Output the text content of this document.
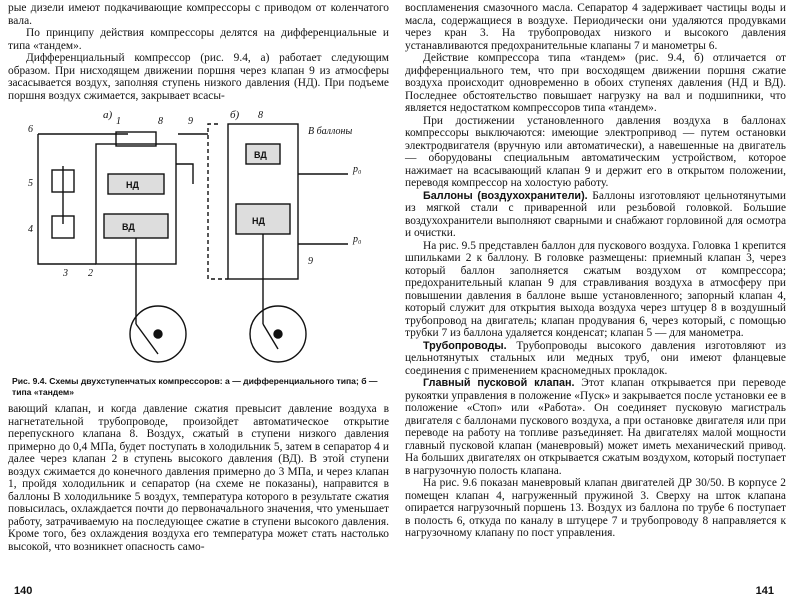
рые дизели имеют подкачивающие компрессоры с приводом от коленчатого вала.

По принципу действия компрессоры делятся на дифференциальные и типа «тандем».

Дифференциальный компрессор (рис. 9.4, а) работает следующим образом. При нисходящем движении поршня через клапан 9 из атмосферы засасывается воздух, заполняя ступень низкого давления (НД). При подъеме поршня воздух сжимается, закрывает всасы-

а)	б)
6
1	8	9
5
4
3 2
НД
ВД
В баллоны
8
ВД
НД
9
p₀
p₀
Рис. 9.4. Схемы двухступенчатых компрессоров: а — дифференциального типа; б — типа «тандем»

вающий клапан, и когда давление сжатия превысит давление воздуха в нагнетательной трубопроводе, произойдет автоматическое открытие перепускного клапана 8. Воздух, сжатый в ступени низкого давления примерно до 0,4 МПа, будет поступать в холодильник 5, затем в сепаратор 4 и далее через клапан 2 в ступень высокого давления (ВД). В этой ступени воздух сжимается до конечного давления примерно до 3 МПа, и через клапан 1, пройдя холодильник и сепаратор (на схеме не показаны), направится в баллоны В холодильнике 5 воздух, температура которого в результате сжатия повысилась, охлаждается почти до первоначального значения, что уменьшает работу, затрачиваемую на последующее сжатие в ступени высокого давления. Кроме того, без охлаждения воздуха его температура может стать настолько высокой, что возникнет опасность само-

140

воспламенения смазочного масла. Сепаратор 4 задерживает частицы воды и масла, содержащиеся в воздухе. Периодически они удаляются продувками через кран 3. На трубопроводах низкого и высокого давления устанавливаются предохранительные клапаны 7 и манометры 6.

Действие компрессора типа «тандем» (рис. 9.4, б) отличается от дифференциального тем, что при восходящем движении поршня сжатие воздуха происходит одновременно в обоих ступенях давления (НД и ВД). Последнее обстоятельство повышает нагрузку на вал и подшипники, что является недостатком компрессоров типа «тандем».

При достижении установленного давления воздуха в баллонах компрессоры выключаются: имеющие электропривод — путем остановки электродвигателя (вручную или автоматически), а навешенные на двигатель — оборудованы специальным автоматическим устройством, которое нажимает на всасывающий клапан 9 и держит его в открытом положении, переводя компрессор на холостую работу.

Баллоны (воздухохранители). Баллоны изготовляют цельнотянутыми из мягкой стали с приваренной или резьбовой головкой. Большие воздухохранители выполняют сварными и снабжают горловиной для осмотра и очистки.

На рис. 9.5 представлен баллон для пускового воздуха. Головка 1 крепится шпильками 2 к баллону. В головке размещены: приемный клапан 3, через который баллон заполняется сжатым воздухом от компрессора; предохранительный клапан 9 для стравливания воздуха в атмосферу при повышении давления в баллоне выше установленного; запорный клапан 4, который служит для открытия выхода воздуха через штуцер 8 в воздушный трубопровод на двигатель; клапан продувания 6, через который, с помощью трубки 7 из баллона удаляется конденсат; клапан 5 — для манометра.

Трубопроводы. Трубопроводы высокого давления изготовляют из цельнотянутых стальных или медных труб, они имеют фланцевые соединения с применением красномедных прокладок.

Главный пусковой клапан. Этот клапан открывается при переводе рукоятки управления в положение «Пуск» и закрывается после установки ее в положение «Стоп» или «Работа». Он соединяет пусковую магистраль двигателя с баллонами пускового воздуха, а при остановке двигателя или при переводе на работу на топливе разъединяет. На двигателях малой мощности главный пусковой клапан (маневровый) может иметь механический привод. На больших двигателях он открывается сжатым воздухом, который поступает в нагрузочную полость клапана.

На рис. 9.6 показан маневровый клапан двигателей ДР 30/50. В корпусе 2 помещен клапан 4, нагруженный пружиной 3. Сверху на шток клапана опирается нагрузочный поршень 13. Воздух из баллона по трубе 6 поступает в полость 6, откуда по каналу в штуцере 7 и трубопроводу 8 направляется к нагрузочному клапану по пост управления.

141
